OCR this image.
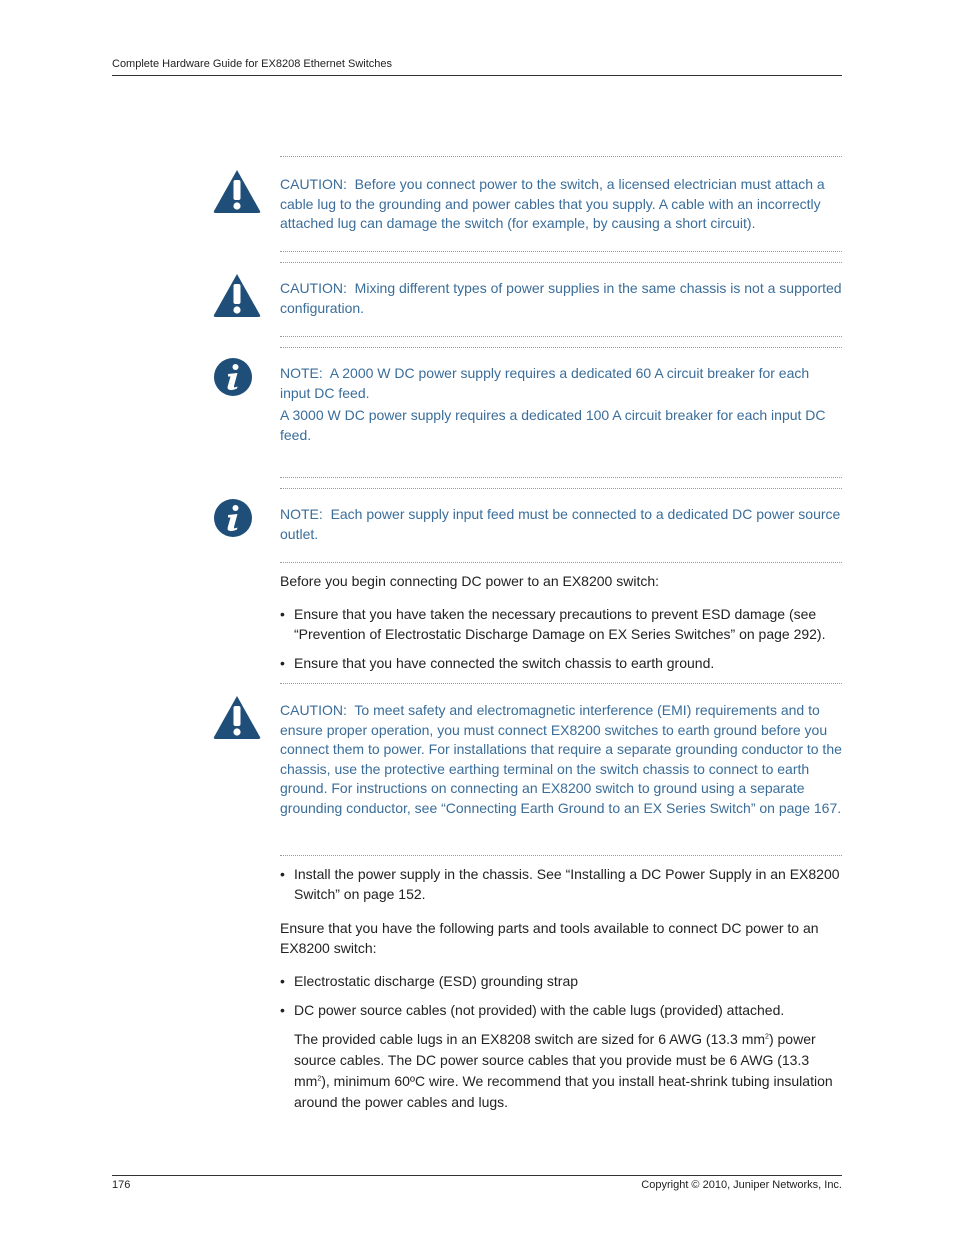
Complete Hardware Guide for EX8208 Ethernet Switches

CAUTION: Before you connect power to the switch, a licensed electrician must attach a cable lug to the grounding and power cables that you supply. A cable with an incorrectly attached lug can damage the switch (for example, by causing a short circuit).

CAUTION: Mixing different types of power supplies in the same chassis is not a supported configuration.

NOTE: A 2000 W DC power supply requires a dedicated 60 A circuit breaker for each input DC feed.

A 3000 W DC power supply requires a dedicated 100 A circuit breaker for each input DC feed.

NOTE: Each power supply input feed must be connected to a dedicated DC power source outlet.

Before you begin connecting DC power to an EX8200 switch:

• Ensure that you have taken the necessary precautions to prevent ESD damage (see “Prevention of Electrostatic Discharge Damage on EX Series Switches” on page 292).
• Ensure that you have connected the switch chassis to earth ground.

CAUTION: To meet safety and electromagnetic interference (EMI) requirements and to ensure proper operation, you must connect EX8200 switches to earth ground before you connect them to power. For installations that require a separate grounding conductor to the chassis, use the protective earthing terminal on the switch chassis to connect to earth ground. For instructions on connecting an EX8200 switch to ground using a separate grounding conductor, see “Connecting Earth Ground to an EX Series Switch” on page 167.

• Install the power supply in the chassis. See “Installing a DC Power Supply in an EX8200 Switch” on page 152.

Ensure that you have the following parts and tools available to connect DC power to an EX8200 switch:

• Electrostatic discharge (ESD) grounding strap
• DC power source cables (not provided) with the cable lugs (provided) attached.

The provided cable lugs in an EX8208 switch are sized for 6 AWG (13.3 $mm^2$) power source cables. The DC power source cables that you provide must be 6 AWG (13.3 $mm^2$), minimum 60ºC wire. We recommend that you install heat-shrink tubing insulation around the power cables and lugs.

176	Copyright © 2010, Juniper Networks, Inc.
